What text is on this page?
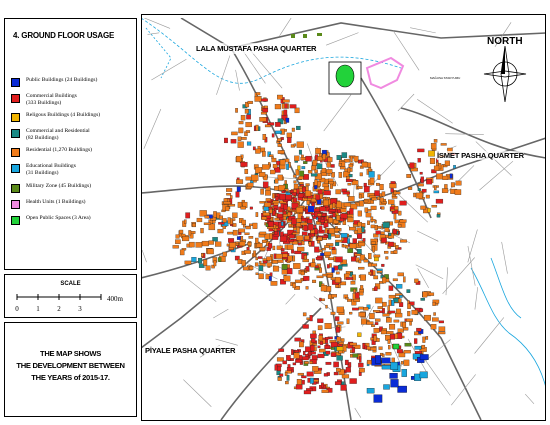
4. GROUND FLOOR USAGE
Public Buildings (24 Buildings)
Commercial Buildings
(333 Buildings)
Religous Buildings (4 Buildings)
Commercial and Residential
(82 Buildings)
Residential (1,270 Buildings)
Educational Buildings
(31 Buildings)
Military Zone (45 Buildings)
Health Units (1 Buildings)
Open Public Spaces (3 Area)
SCALE
0	1	2	3
400m
THE MAP SHOWS
THE DEVELOPMENT BETWEEN
THE YEARS of 2015-17.
MAĞUSA STADYUMU
LALA MUSTAFA PASHA QUARTER
İSMET PASHA QUARTER
PİYALE PASHA QUARTER
NORTH
